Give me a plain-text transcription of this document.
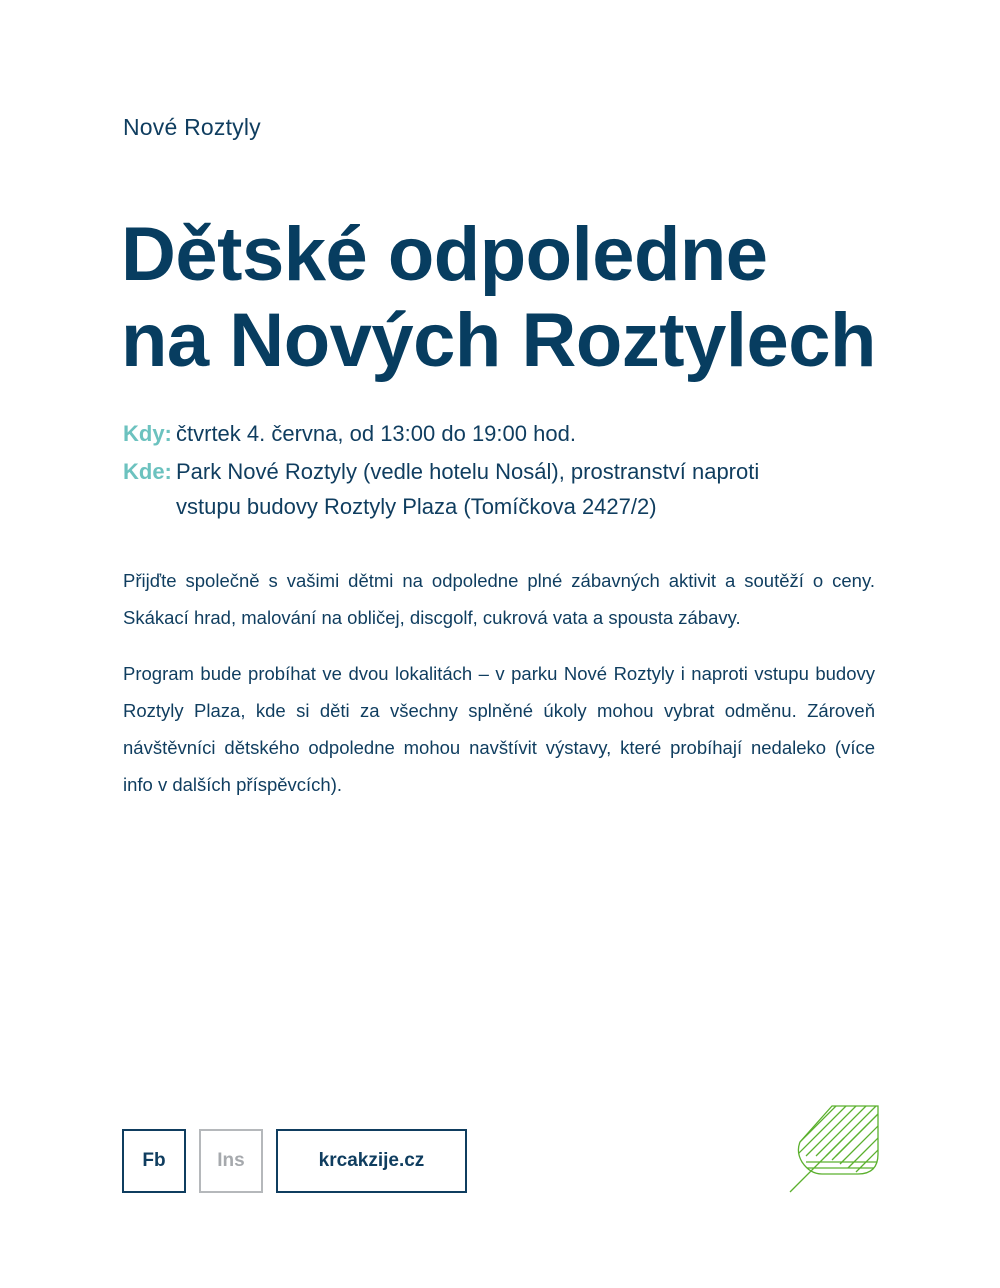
Nové Roztyly
Dětské odpoledne
na Nových Roztylech
Kdy: čtvrtek 4. června, od 13:00 do 19:00 hod.
Kde: Park Nové Roztyly (vedle hotelu Nosál), prostranství naproti
vstupu budovy Roztyly Plaza (Tomíčkova 2427/2)

Přijďte společně s vašimi dětmi na odpoledne plné zábavných aktivit a soutěží o ceny. Skákací hrad, malování na obličej, discgolf, cukrová vata a spousta zábavy.

Program bude probíhat ve dvou lokalitách – v parku Nové Roztyly i naproti vstupu budovy Roztyly Plaza, kde si děti za všechny splněné úkoly mohou vybrat odměnu. Zároveň návštěvníci dětského odpoledne mohou navštívit výstavy, které probíhají nedaleko (více info v dalších příspěvcích).

Fb	Ins	krcakzije.cz
